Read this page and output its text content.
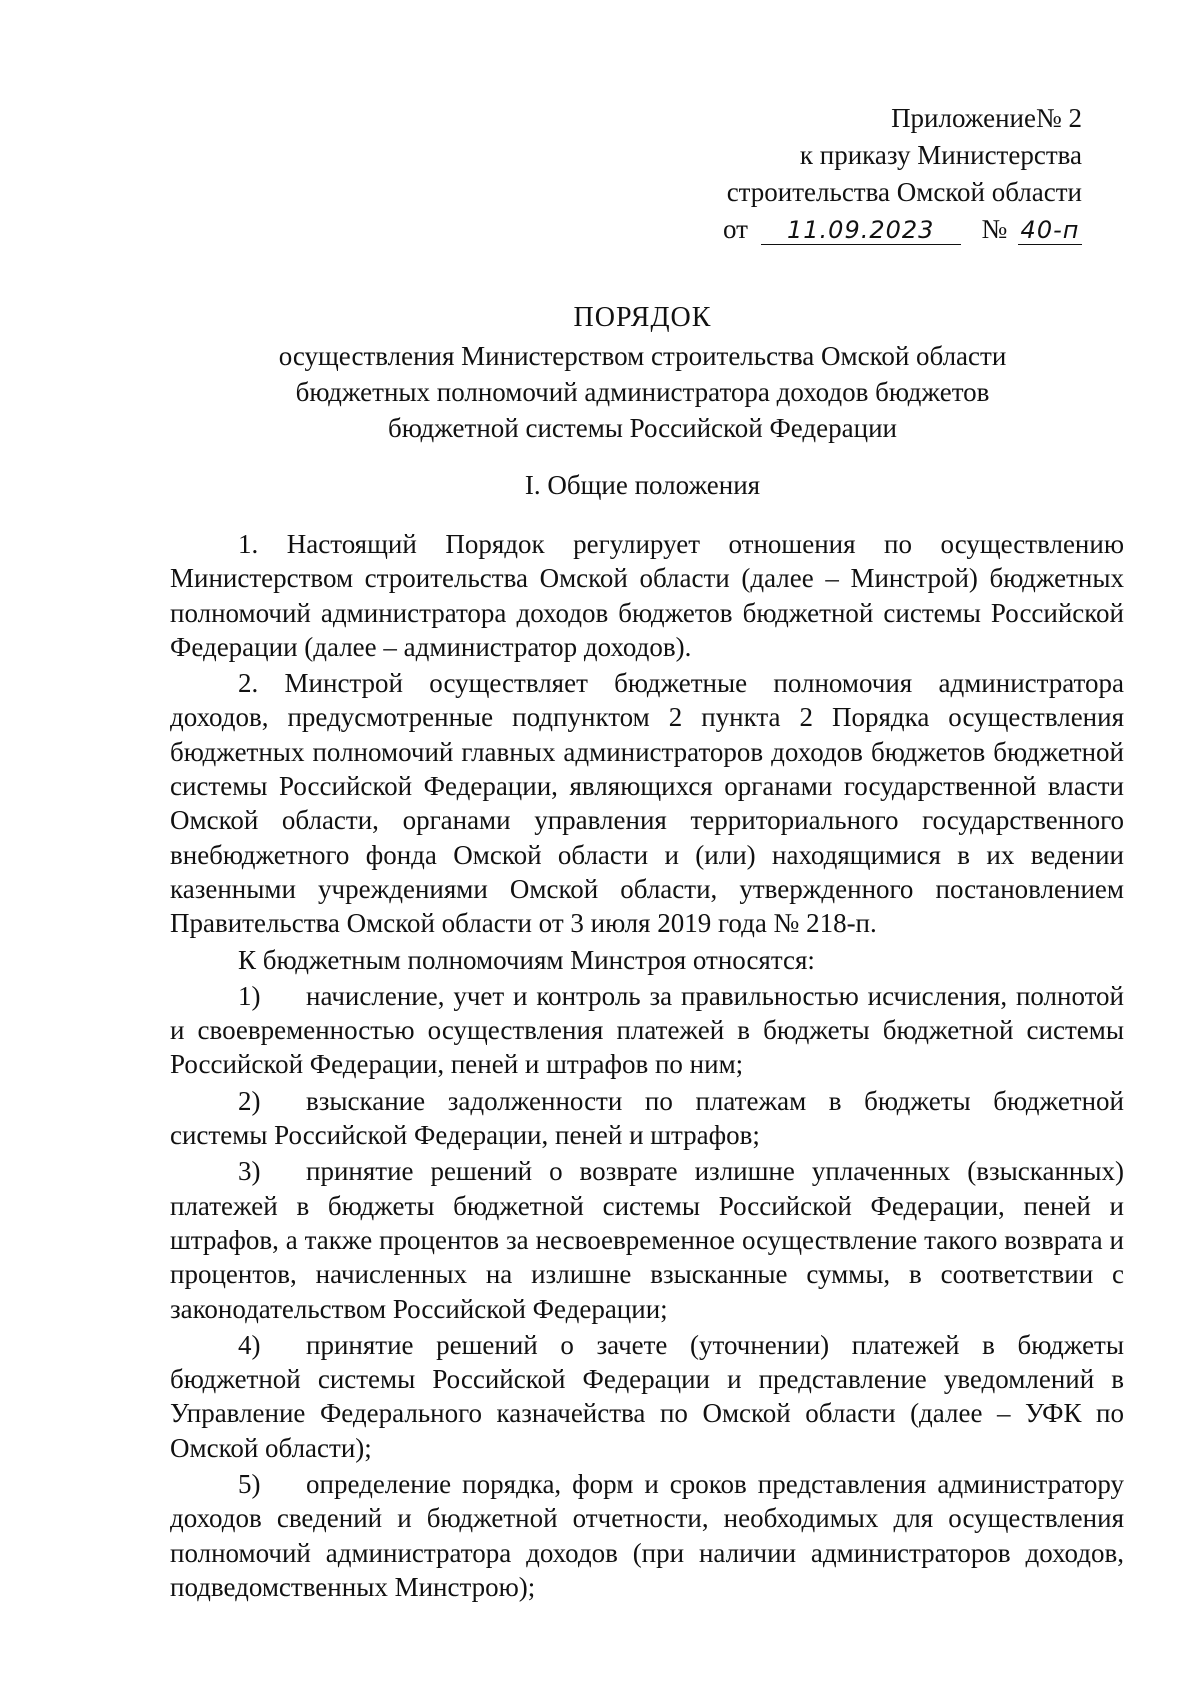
Приложение№ 2
к приказу Министерства
строительства Омской области
от 11.09.2023 № 40-п
ПОРЯДОК
осуществления Министерством строительства Омской области
бюджетных полномочий администратора доходов бюджетов
бюджетной системы Российской Федерации
I. Общие положения

1. Настоящий Порядок регулирует отношения по осуществлению Министерством строительства Омской области (далее – Минстрой) бюджетных полномочий администратора доходов бюджетов бюджетной системы Российской Федерации (далее – администратор доходов).

2. Минстрой осуществляет бюджетные полномочия администратора доходов, предусмотренные подпунктом 2 пункта 2 Порядка осуществления бюджетных полномочий главных администраторов доходов бюджетов бюджетной системы Российской Федерации, являющихся органами государственной власти Омской области, органами управления территориального государственного внебюджетного фонда Омской области и (или) находящимися в их ведении казенными учреждениями Омской области, утвержденного постановлением Правительства Омской области от 3 июля 2019 года № 218-п.

К бюджетным полномочиям Минстроя относятся:

1) начисление, учет и контроль за правильностью исчисления, полнотой и своевременностью осуществления платежей в бюджеты бюджетной системы Российской Федерации, пеней и штрафов по ним;

2) взыскание задолженности по платежам в бюджеты бюджетной системы Российской Федерации, пеней и штрафов;

3) принятие решений о возврате излишне уплаченных (взысканных) платежей в бюджеты бюджетной системы Российской Федерации, пеней и штрафов, а также процентов за несвоевременное осуществление такого возврата и процентов, начисленных на излишне взысканные суммы, в соответствии с законодательством Российской Федерации;

4) принятие решений о зачете (уточнении) платежей в бюджеты бюджетной системы Российской Федерации и представление уведомлений в Управление Федерального казначейства по Омской области (далее – УФК по Омской области);

5) определение порядка, форм и сроков представления администратору доходов сведений и бюджетной отчетности, необходимых для осуществления полномочий администратора доходов (при наличии администраторов доходов, подведомственных Минстрою);
